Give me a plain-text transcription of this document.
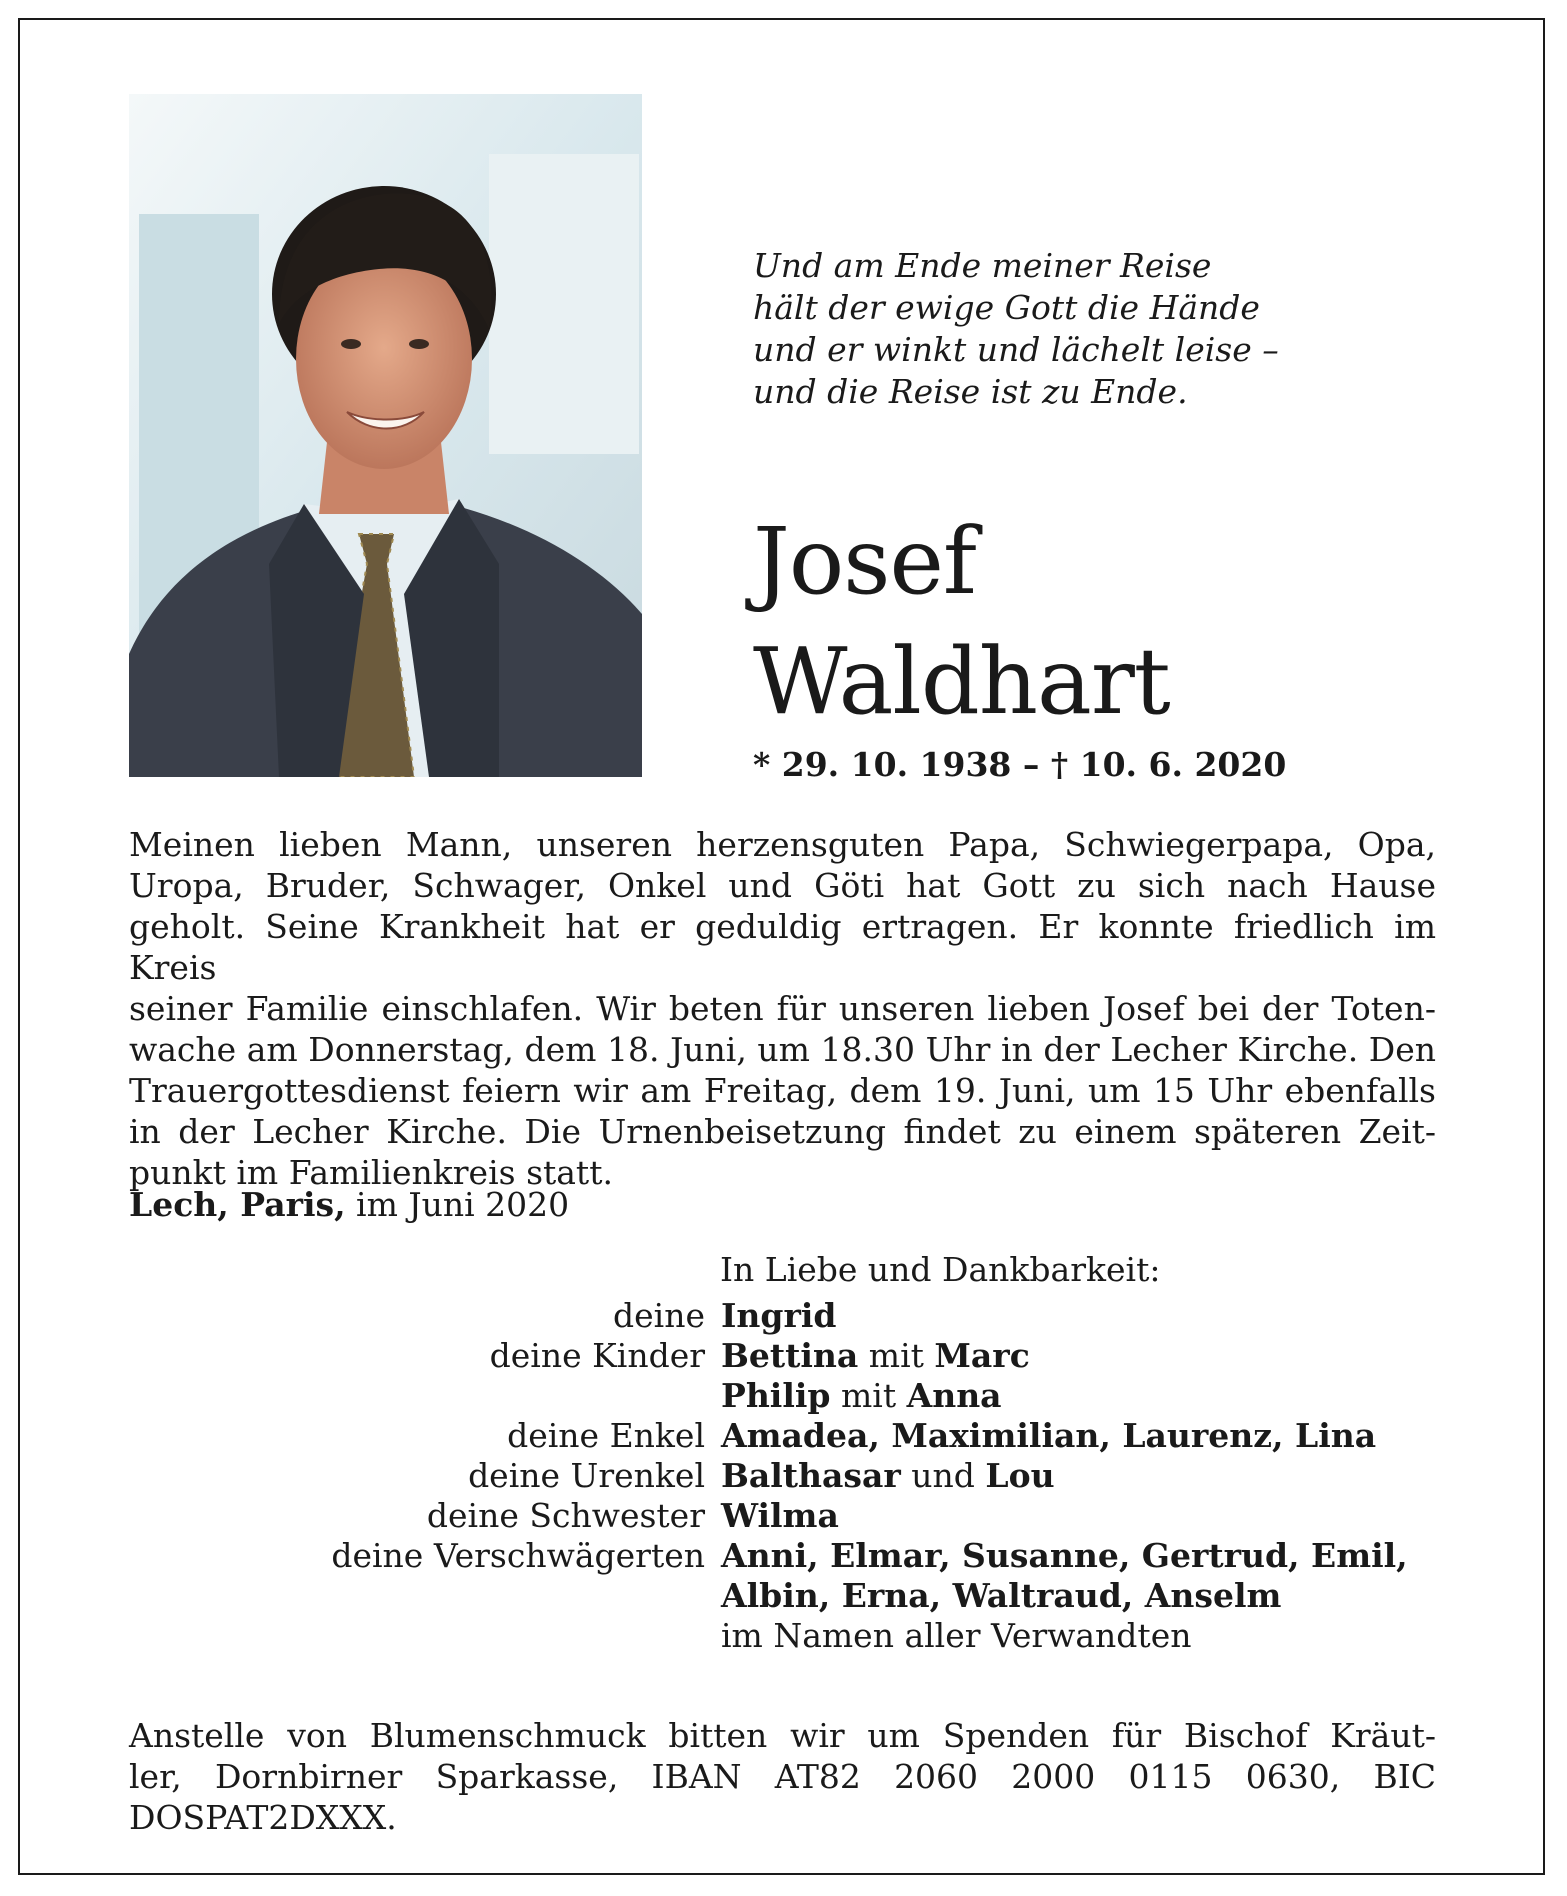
Und am Ende meiner Reise
hält der ewige Gott die Hände
und er winkt und lächelt leise –
und die Reise ist zu Ende.
Josef
Waldhart
* 29. 10. 1938 – † 10. 6. 2020
Meinen lieben Mann, unseren herzensguten Papa, Schwiegerpapa, Opa,
Uropa, Bruder, Schwager, Onkel und Göti hat Gott zu sich nach Hause
geholt. Seine Krankheit hat er geduldig ertragen. Er konnte friedlich im Kreis
seiner Familie einschlafen. Wir beten für unseren lieben Josef bei der Toten-
wache am Donnerstag, dem 18. Juni, um 18.30 Uhr in der Lecher Kirche. Den
Trauergottesdienst feiern wir am Freitag, dem 19. Juni, um 15 Uhr ebenfalls
in der Lecher Kirche. Die Urnenbeisetzung findet zu einem späteren Zeit-
punkt im Familienkreis statt.
Lech, Paris, im Juni 2020
In Liebe und Dankbarkeit:
deine Ingrid
deine Kinder Bettina mit Marc
Philip mit Anna
deine Enkel Amadea, Maximilian, Laurenz, Lina
deine Urenkel Balthasar und Lou
deine Schwester Wilma
deine Verschwägerten Anni, Elmar, Susanne, Gertrud, Emil,
Albin, Erna, Waltraud, Anselm
im Namen aller Verwandten
Anstelle von Blumenschmuck bitten wir um Spenden für Bischof Kräut-
ler, Dornbirner Sparkasse, IBAN AT82 2060 2000 0115 0630, BIC
DOSPAT2DXXX.
